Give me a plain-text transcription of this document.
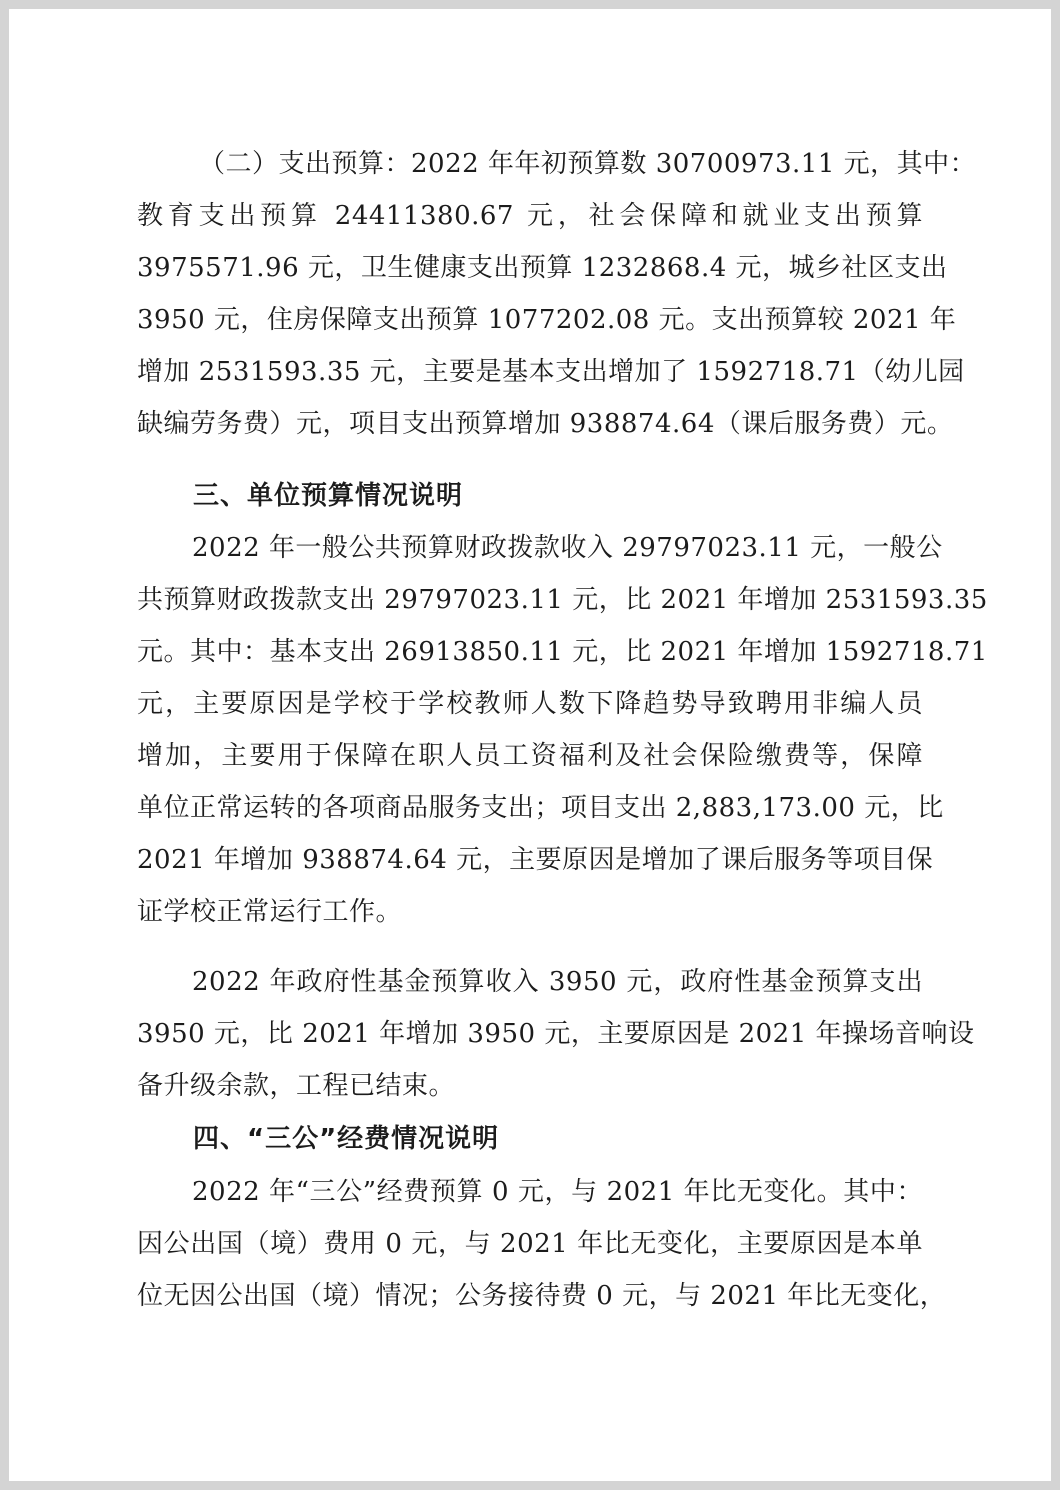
（二）支出预算：2022 年年初预算数 30700973.11 元，其中：
教育支出预算 24411380.67 元，社会保障和就业支出预算
3975571.96 元，卫生健康支出预算 1232868.4 元，城乡社区支出
3950 元，住房保障支出预算 1077202.08 元。支出预算较 2021 年
增加 2531593.35 元，主要是基本支出增加了 1592718.71（幼儿园
缺编劳务费）元，项目支出预算增加 938874.64（课后服务费）元。
三、单位预算情况说明
2022 年一般公共预算财政拨款收入 29797023.11 元，一般公
共预算财政拨款支出 29797023.11 元，比 2021 年增加 2531593.35
元。其中：基本支出 26913850.11 元，比 2021 年增加 1592718.71
元，主要原因是学校于学校教师人数下降趋势导致聘用非编人员
增加，主要用于保障在职人员工资福利及社会保险缴费等，保障
单位正常运转的各项商品服务支出；项目支出 2,883,173.00 元，比
2021 年增加 938874.64 元，主要原因是增加了课后服务等项目保
证学校正常运行工作。
2022 年政府性基金预算收入 3950 元，政府性基金预算支出
3950 元，比 2021 年增加 3950 元，主要原因是 2021 年操场音响设
备升级余款，工程已结束。
四、“三公”经费情况说明
2022 年“三公”经费预算 0 元，与 2021 年比无变化。其中：
因公出国（境）费用 0 元，与 2021 年比无变化，主要原因是本单
位无因公出国（境）情况；公务接待费 0 元，与 2021 年比无变化，
